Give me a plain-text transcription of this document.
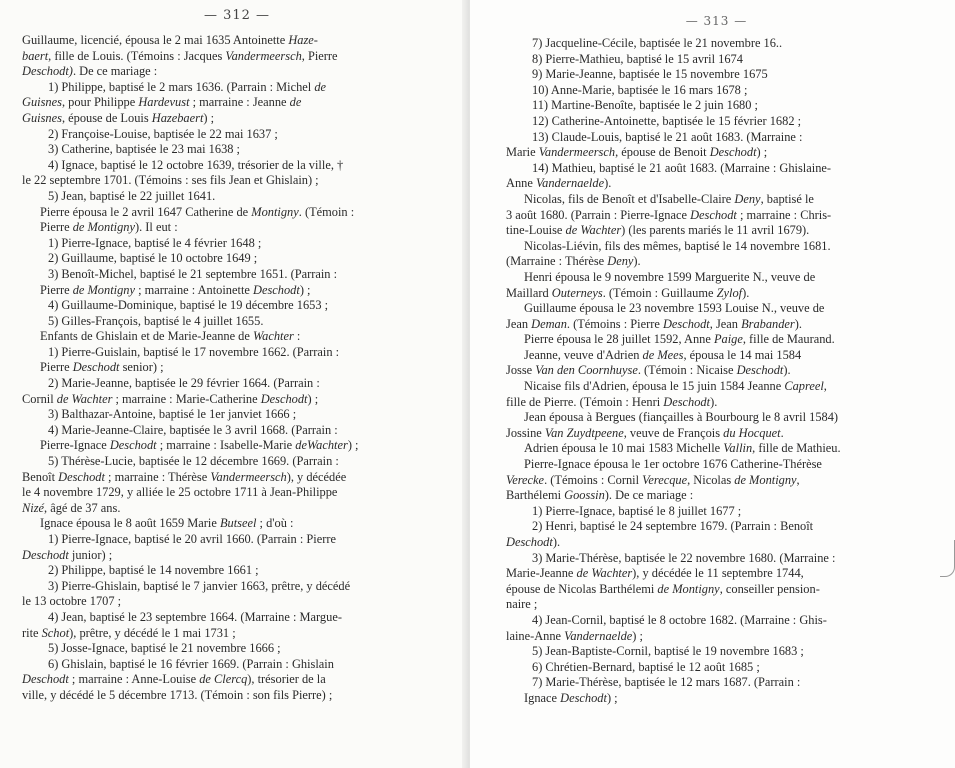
— 312 —
Guillaume, licencié, épousa le 2 mai 1635 Antoinette Haze-
baert, fille de Louis. (Témoins : Jacques Vandermeersch, Pierre
Deschodt). De ce mariage :
1) Philippe, baptisé le 2 mars 1636. (Parrain : Michel de
Guisnes, pour Philippe Hardevust ; marraine : Jeanne de
Guisnes, épouse de Louis Hazebaert) ;
2) Françoise-Louise, baptisée le 22 mai 1637 ;
3) Catherine, baptisée le 23 mai 1638 ;
4) Ignace, baptisé le 12 octobre 1639, trésorier de la ville, †
le 22 septembre 1701. (Témoins : ses fils Jean et Ghislain) ;
5) Jean, baptisé le 22 juillet 1641.
Pierre épousa le 2 avril 1647 Catherine de Montigny. (Témoin :
Pierre de Montigny). Il eut :
1) Pierre-Ignace, baptisé le 4 février 1648 ;
2) Guillaume, baptisé le 10 octobre 1649 ;
3) Benoît-Michel, baptisé le 21 septembre 1651. (Parrain :
Pierre de Montigny ; marraine : Antoinette Deschodt) ;
4) Guillaume-Dominique, baptisé le 19 décembre 1653 ;
5) Gilles-François, baptisé le 4 juillet 1655.
Enfants de Ghislain et de Marie-Jeanne de Wachter :
1) Pierre-Guislain, baptisé le 17 novembre 1662. (Parrain :
Pierre Deschodt senior) ;
2) Marie-Jeanne, baptisée le 29 février 1664. (Parrain :
Cornil de Wachter ; marraine : Marie-Catherine Deschodt) ;
3) Balthazar-Antoine, baptisé le 1er janviet 1666 ;
4) Marie-Jeanne-Claire, baptisée le 3 avril 1668. (Parrain :
Pierre-Ignace Deschodt ; marraine : Isabelle-Marie deWachter) ;
5) Thérèse-Lucie, baptisée le 12 décembre 1669. (Parrain :
Benoît Deschodt ; marraine : Thérèse Vandermeersch), y décédée
le 4 novembre 1729, y alliée le 25 octobre 1711 à Jean-Philippe
Nizé, âgé de 37 ans.
Ignace épousa le 8 août 1659 Marie Butseel ; d'où :
1) Pierre-Ignace, baptisé le 20 avril 1660. (Parrain : Pierre
Deschodt junior) ;
2) Philippe, baptisé le 14 novembre 1661 ;
3) Pierre-Ghislain, baptisé le 7 janvier 1663, prêtre, y décédé
le 13 octobre 1707 ;
4) Jean, baptisé le 23 septembre 1664. (Marraine : Margue-
rite Schot), prêtre, y décédé le 1 mai 1731 ;
5) Josse-Ignace, baptisé le 21 novembre 1666 ;
6) Ghislain, baptisé le 16 février 1669. (Parrain : Ghislain
Deschodt ; marraine : Anne-Louise de Clercq), trésorier de la
ville, y décédé le 5 décembre 1713. (Témoin : son fils Pierre) ;
— 313 —
7) Jacqueline-Cécile, baptisée le 21 novembre 16..
8) Pierre-Mathieu, baptisé le 15 avril 1674
9) Marie-Jeanne, baptisée le 15 novembre 1675
10) Anne-Marie, baptisée le 16 mars 1678 ;
11) Martine-Benoîte, baptisée le 2 juin 1680 ;
12) Catherine-Antoinette, baptisée le 15 février 1682 ;
13) Claude-Louis, baptisé le 21 août 1683. (Marraine :
Marie Vandermeersch, épouse de Benoit Deschodt) ;
14) Mathieu, baptisé le 21 août 1683. (Marraine : Ghislaine-
Anne Vandernaelde).
Nicolas, fils de Benoît et d'Isabelle-Claire Deny, baptisé le
3 août 1680. (Parrain : Pierre-Ignace Deschodt ; marraine : Chris-
tine-Louise de Wachter) (les parents mariés le 11 avril 1679).
Nicolas-Liévin, fils des mêmes, baptisé le 14 novembre 1681.
(Marraine : Thérèse Deny).
Henri épousa le 9 novembre 1599 Marguerite N., veuve de
Maillard Outerneys. (Témoin : Guillaume Zylof).
Guillaume épousa le 23 novembre 1593 Louise N., veuve de
Jean Deman. (Témoins : Pierre Deschodt, Jean Brabander).
Pierre épousa le 28 juillet 1592, Anne Paige, fille de Maurand.
Jeanne, veuve d'Adrien de Mees, épousa le 14 mai 1584
Josse Van den Coornhuyse. (Témoin : Nicaise Deschodt).
Nicaise fils d'Adrien, épousa le 15 juin 1584 Jeanne Capreel,
fille de Pierre. (Témoin : Henri Deschodt).
Jean épousa à Bergues (fiançailles à Bourbourg le 8 avril 1584)
Jossine Van Zuydtpeene, veuve de François du Hocquet.
Adrien épousa le 10 mai 1583 Michelle Vallin, fille de Mathieu.
Pierre-Ignace épousa le 1er octobre 1676 Catherine-Thérèse
Verecke. (Témoins : Cornil Verecque, Nicolas de Montigny,
Barthélemi Goossin). De ce mariage :
1) Pierre-Ignace, baptisé le 8 juillet 1677 ;
2) Henri, baptisé le 24 septembre 1679. (Parrain : Benoît
Deschodt).
3) Marie-Thérèse, baptisée le 22 novembre 1680. (Marraine :
Marie-Jeanne de Wachter), y décédée le 11 septembre 1744,
épouse de Nicolas Barthélemi de Montigny, conseiller pension-
naire ;
4) Jean-Cornil, baptisé le 8 octobre 1682. (Marraine : Ghis-
laine-Anne Vandernaelde) ;
5) Jean-Baptiste-Cornil, baptisé le 19 novembre 1683 ;
6) Chrétien-Bernard, baptisé le 12 août 1685 ;
7) Marie-Thérèse, baptisée le 12 mars 1687. (Parrain :
Ignace Deschodt) ;
